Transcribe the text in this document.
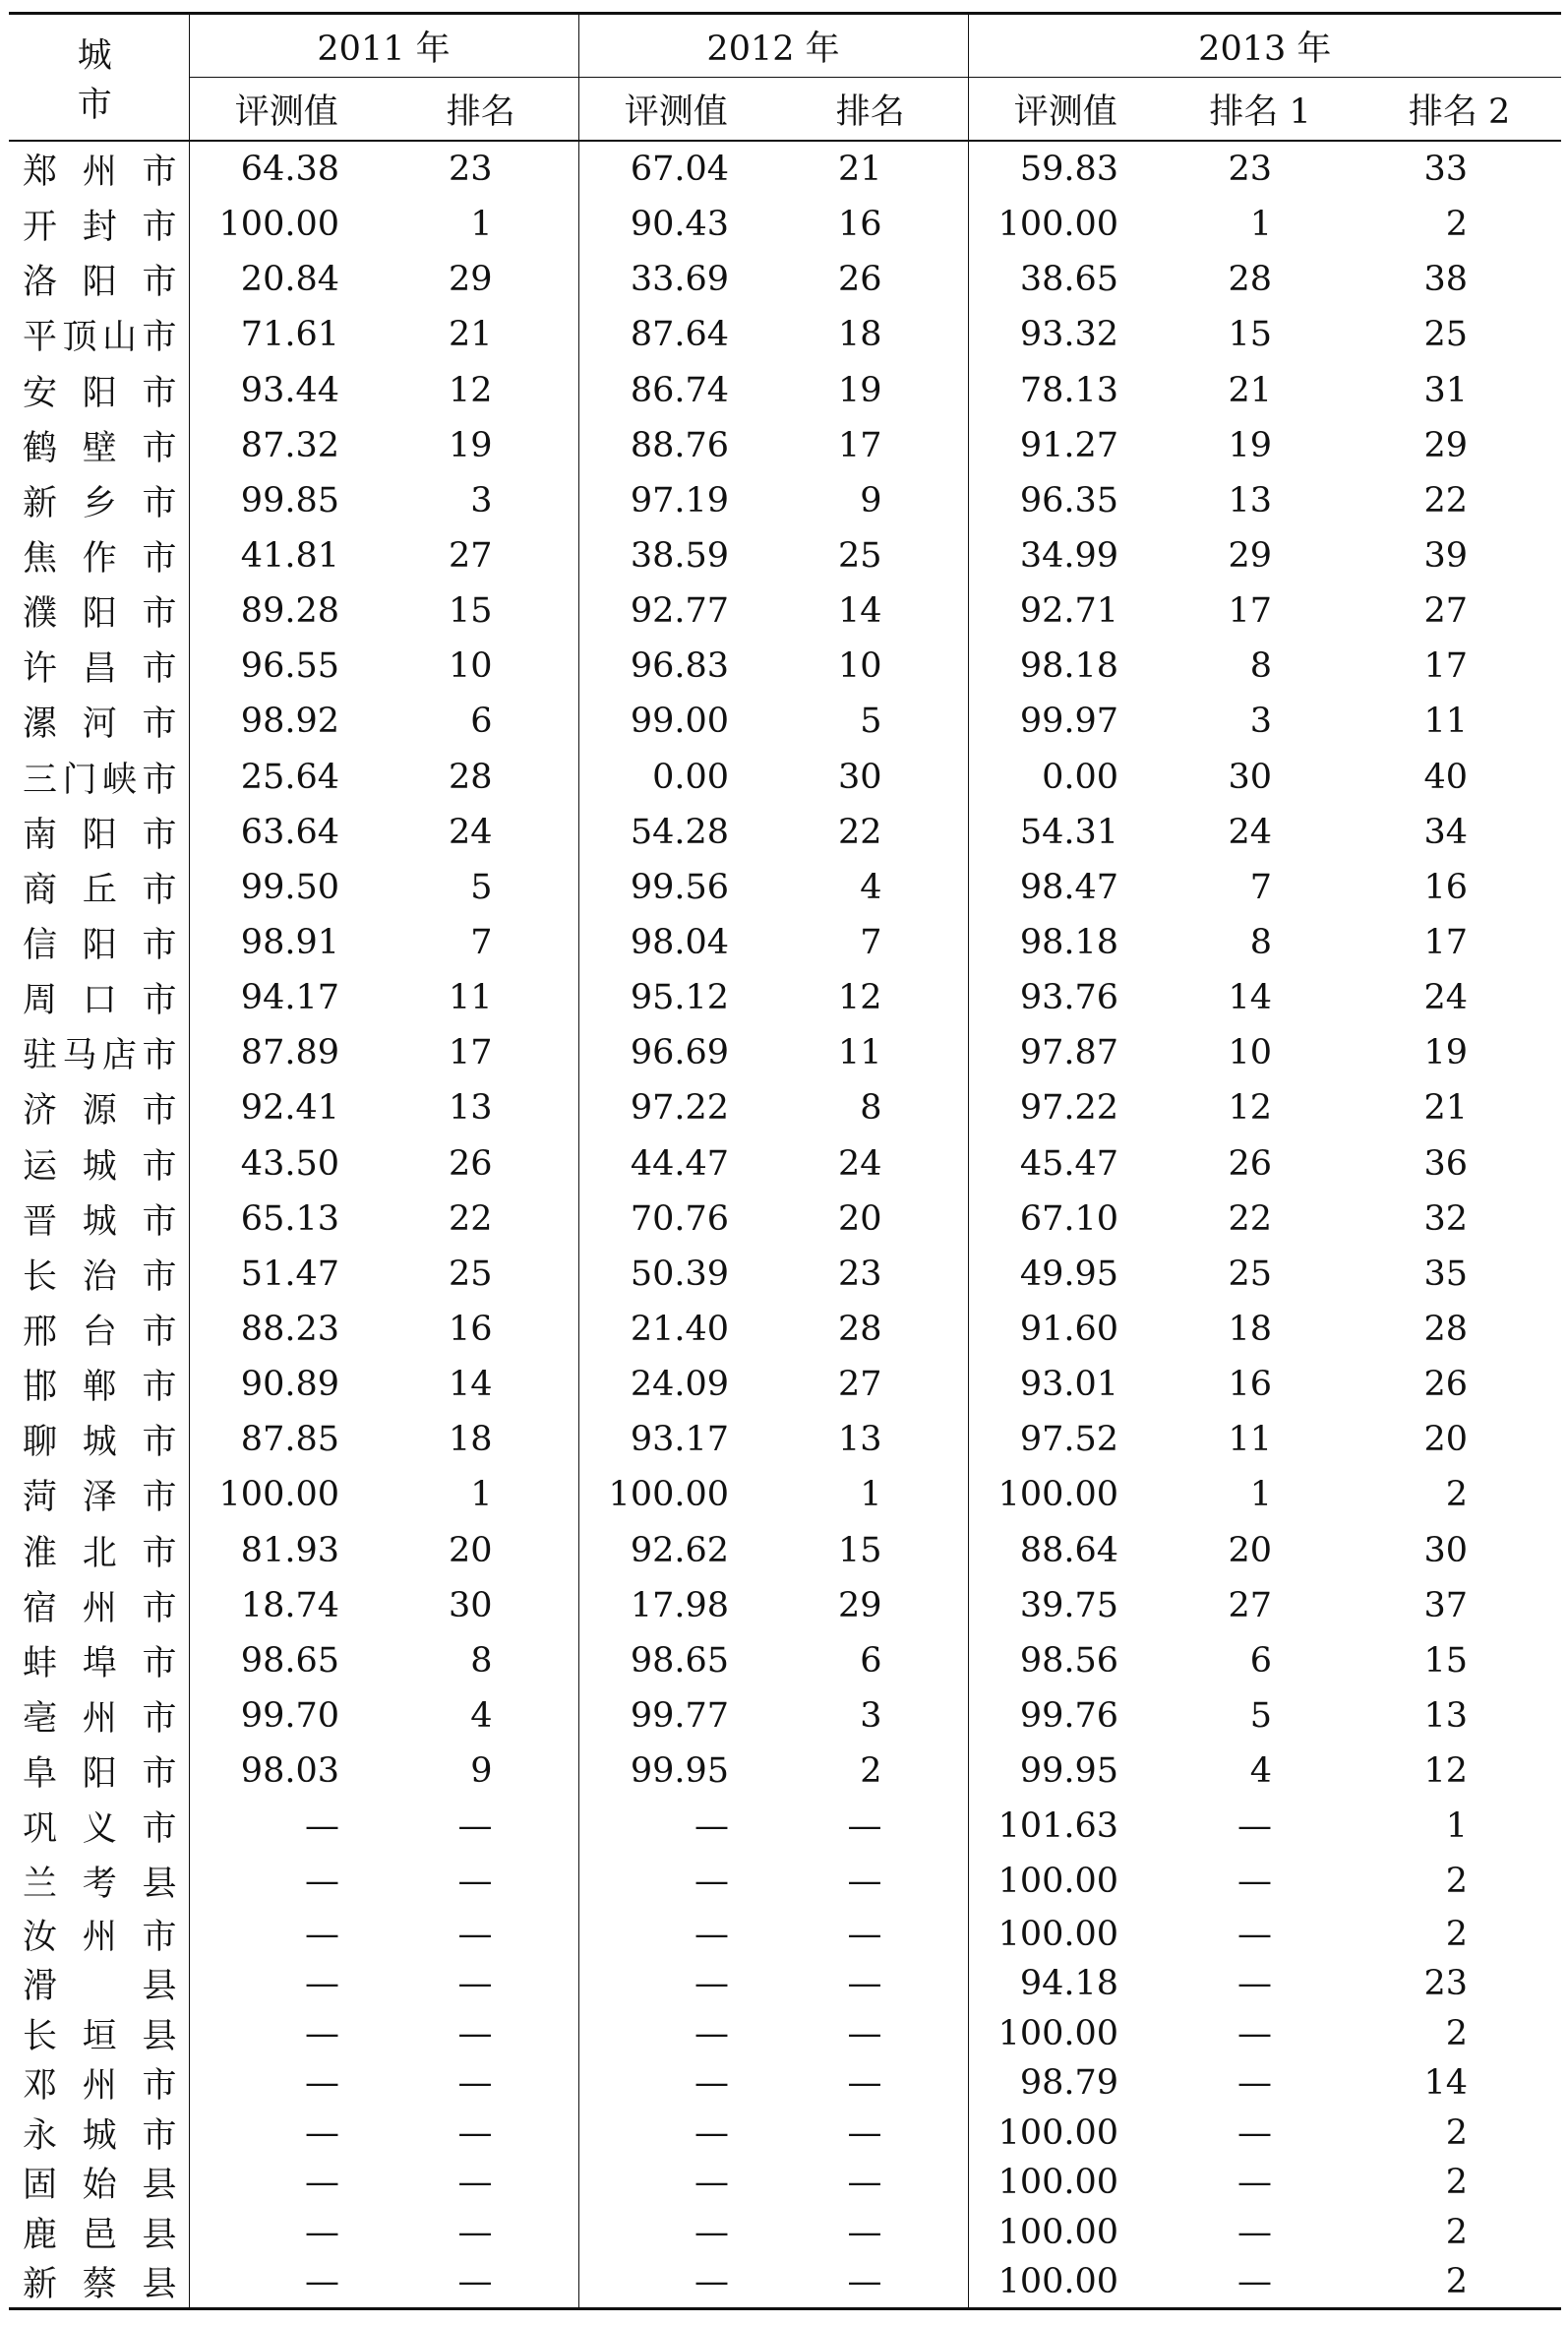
城 市	2011 年		2012 年		2013 年		
	评测值	排名	评测值	排名	评测值	排名 1	排名 2
郑州市	64.38	23	67.04	21	59.83	23	33
开封市	100.00	1	90.43	16	100.00	1	2
洛阳市	20.84	29	33.69	26	38.65	28	38
平顶山市	71.61	21	87.64	18	93.32	15	25
安阳市	93.44	12	86.74	19	78.13	21	31
鹤壁市	87.32	19	88.76	17	91.27	19	29
新乡市	99.85	3	97.19	9	96.35	13	22
焦作市	41.81	27	38.59	25	34.99	29	39
濮阳市	89.28	15	92.77	14	92.71	17	27
许昌市	96.55	10	96.83	10	98.18	8	17
漯河市	98.92	6	99.00	5	99.97	3	11
三门峡市	25.64	28	0.00	30	0.00	30	40
南阳市	63.64	24	54.28	22	54.31	24	34
商丘市	99.50	5	99.56	4	98.47	7	16
信阳市	98.91	7	98.04	7	98.18	8	17
周口市	94.17	11	95.12	12	93.76	14	24
驻马店市	87.89	17	96.69	11	97.87	10	19
济源市	92.41	13	97.22	8	97.22	12	21
运城市	43.50	26	44.47	24	45.47	26	36
晋城市	65.13	22	70.76	20	67.10	22	32
长治市	51.47	25	50.39	23	49.95	25	35
邢台市	88.23	16	21.40	28	91.60	18	28
邯郸市	90.89	14	24.09	27	93.01	16	26
聊城市	87.85	18	93.17	13	97.52	11	20
菏泽市	100.00	1	100.00	1	100.00	1	2
淮北市	81.93	20	92.62	15	88.64	20	30
宿州市	18.74	30	17.98	29	39.75	27	37
蚌埠市	98.65	8	98.65	6	98.56	6	15
亳州市	99.70	4	99.77	3	99.76	5	13
阜阳市	98.03	9	99.95	2	99.95	4	12
巩义市	—	—	—	—	101.63	—	1
兰考县	—	—	—	—	100.00	—	2
汝州市	—	—	—	—	100.00	—	2
滑县	—	—	—	—	94.18	—	23
长垣县	—	—	—	—	100.00	—	2
邓州市	—	—	—	—	98.79	—	14
永城市	—	—	—	—	100.00	—	2
固始县	—	—	—	—	100.00	—	2
鹿邑县	—	—	—	—	100.00	—	2
新蔡县	—	—	—	—	100.00	—	2
